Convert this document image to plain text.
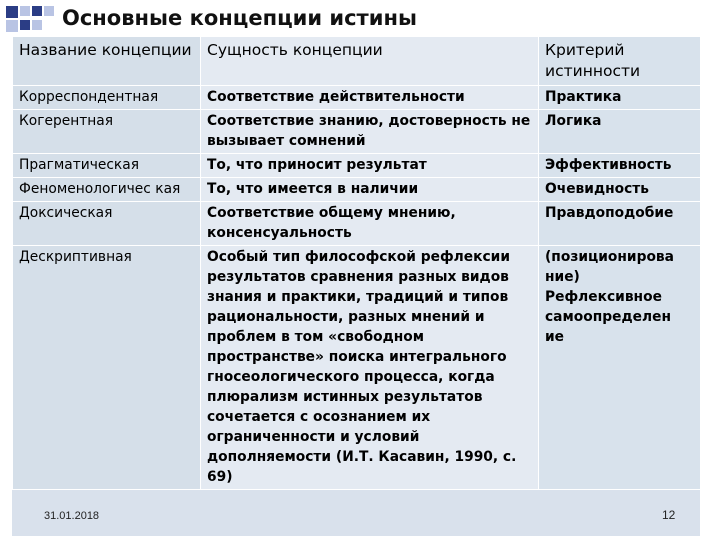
Основные концепции истины
Название концепции	Сущность концепции	Критерий истинности
Корреспондентная	Соответствие действительности	Практика
Когерентная	Соответствие знанию, достоверность не вызывает сомнений	Логика
Прагматическая	То, что приносит результат	Эффективность
Феноменологичес кая	То, что имеется в наличии	Очевидность
Доксическая	Соответствие общему мнению, консенсуальность	Правдоподобие
Дескриптивная	Особый тип философской рефлексии результатов сравнения разных видов знания и практики, традиций и типов рациональности, разных мнений и проблем в том «свободном пространстве» поиска интегрального гносеологического процесса, когда плюрализм истинных результатов сочетается с осознанием их ограниченности и условий дополняемости (И.Т. Касавин, 1990, с. 69)	(позиционирова ние) Рефлексивное самоопределен ие
31.01.2018	12
